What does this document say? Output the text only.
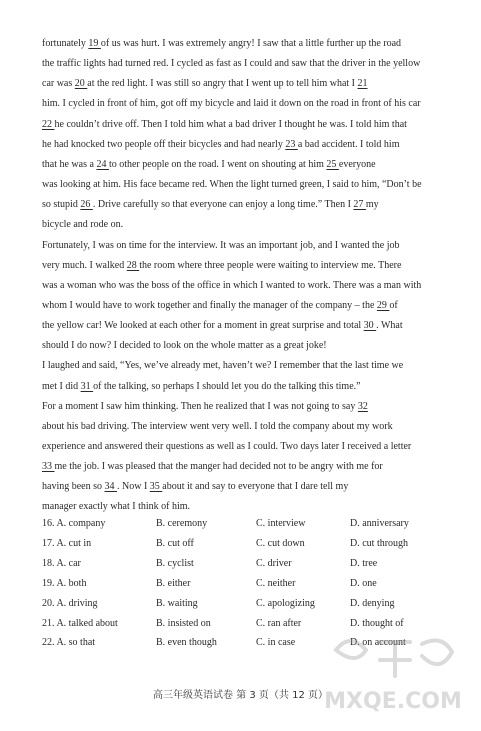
fortunately 19 of us was hurt. I was extremely angry! I saw that a little further up the road
the traffic lights had turned red. I cycled as fast as I could and saw that the driver in the yellow
car was 20 at the red light. I was still so angry that I went up to tell him what I 21
him. I cycled in front of him, got off my bicycle and laid it down on the road in front of his car
22 he couldn’t drive off. Then I told him what a bad driver I thought he was. I told him that
he had knocked two people off their bicycles and had nearly 23 a bad accident. I told him
that he was a 24 to other people on the road. I went on shouting at him 25 everyone
was looking at him. His face became red. When the light turned green, I said to him, “Don’t be
so stupid 26 . Drive carefully so that everyone can enjoy a long time.” Then I 27 my
bicycle and rode on.
Fortunately, I was on time for the interview. It was an important job, and I wanted the job
very much. I walked 28 the room where three people were waiting to interview me. There
was a woman who was the boss of the office in which I wanted to work. There was a man with
whom I would have to work together and finally the manager of the company – the 29 of
the yellow car! We looked at each other for a moment in great surprise and total 30 . What
should I do now? I decided to look on the whole matter as a great joke!
I laughed and said, “Yes, we’ve already met, haven’t we? I remember that the last time we
met I did 31 of the talking, so perhaps I should let you do the talking this time.”
For a moment I saw him thinking. Then he realized that I was not going to say 32
about his bad driving. The interview went very well. I told the company about my work
experience and answered their questions as well as I could. Two days later I received a letter
33 me the job. I was pleased that the manger had decided not to be angry with me for
having been so 34 . Now I 35 about it and say to everyone that I dare tell my
manager exactly what I think of him.
16. A. company	B. ceremony	C. interview	D. anniversary
17. A. cut in	B. cut off	C. cut down	D. cut through
18. A. car	B. cyclist	C. driver	D. tree
19. A. both	B. either	C. neither	D. one
20. A. driving	B. waiting	C. apologizing	D. denying
21. A. talked about	B. insisted on	C. ran after	D. thought of
22. A. so that	B. even though	C. in case	D. on account
高三年级英语试卷 第 3 页（共 12 页）
MXQE.COM
